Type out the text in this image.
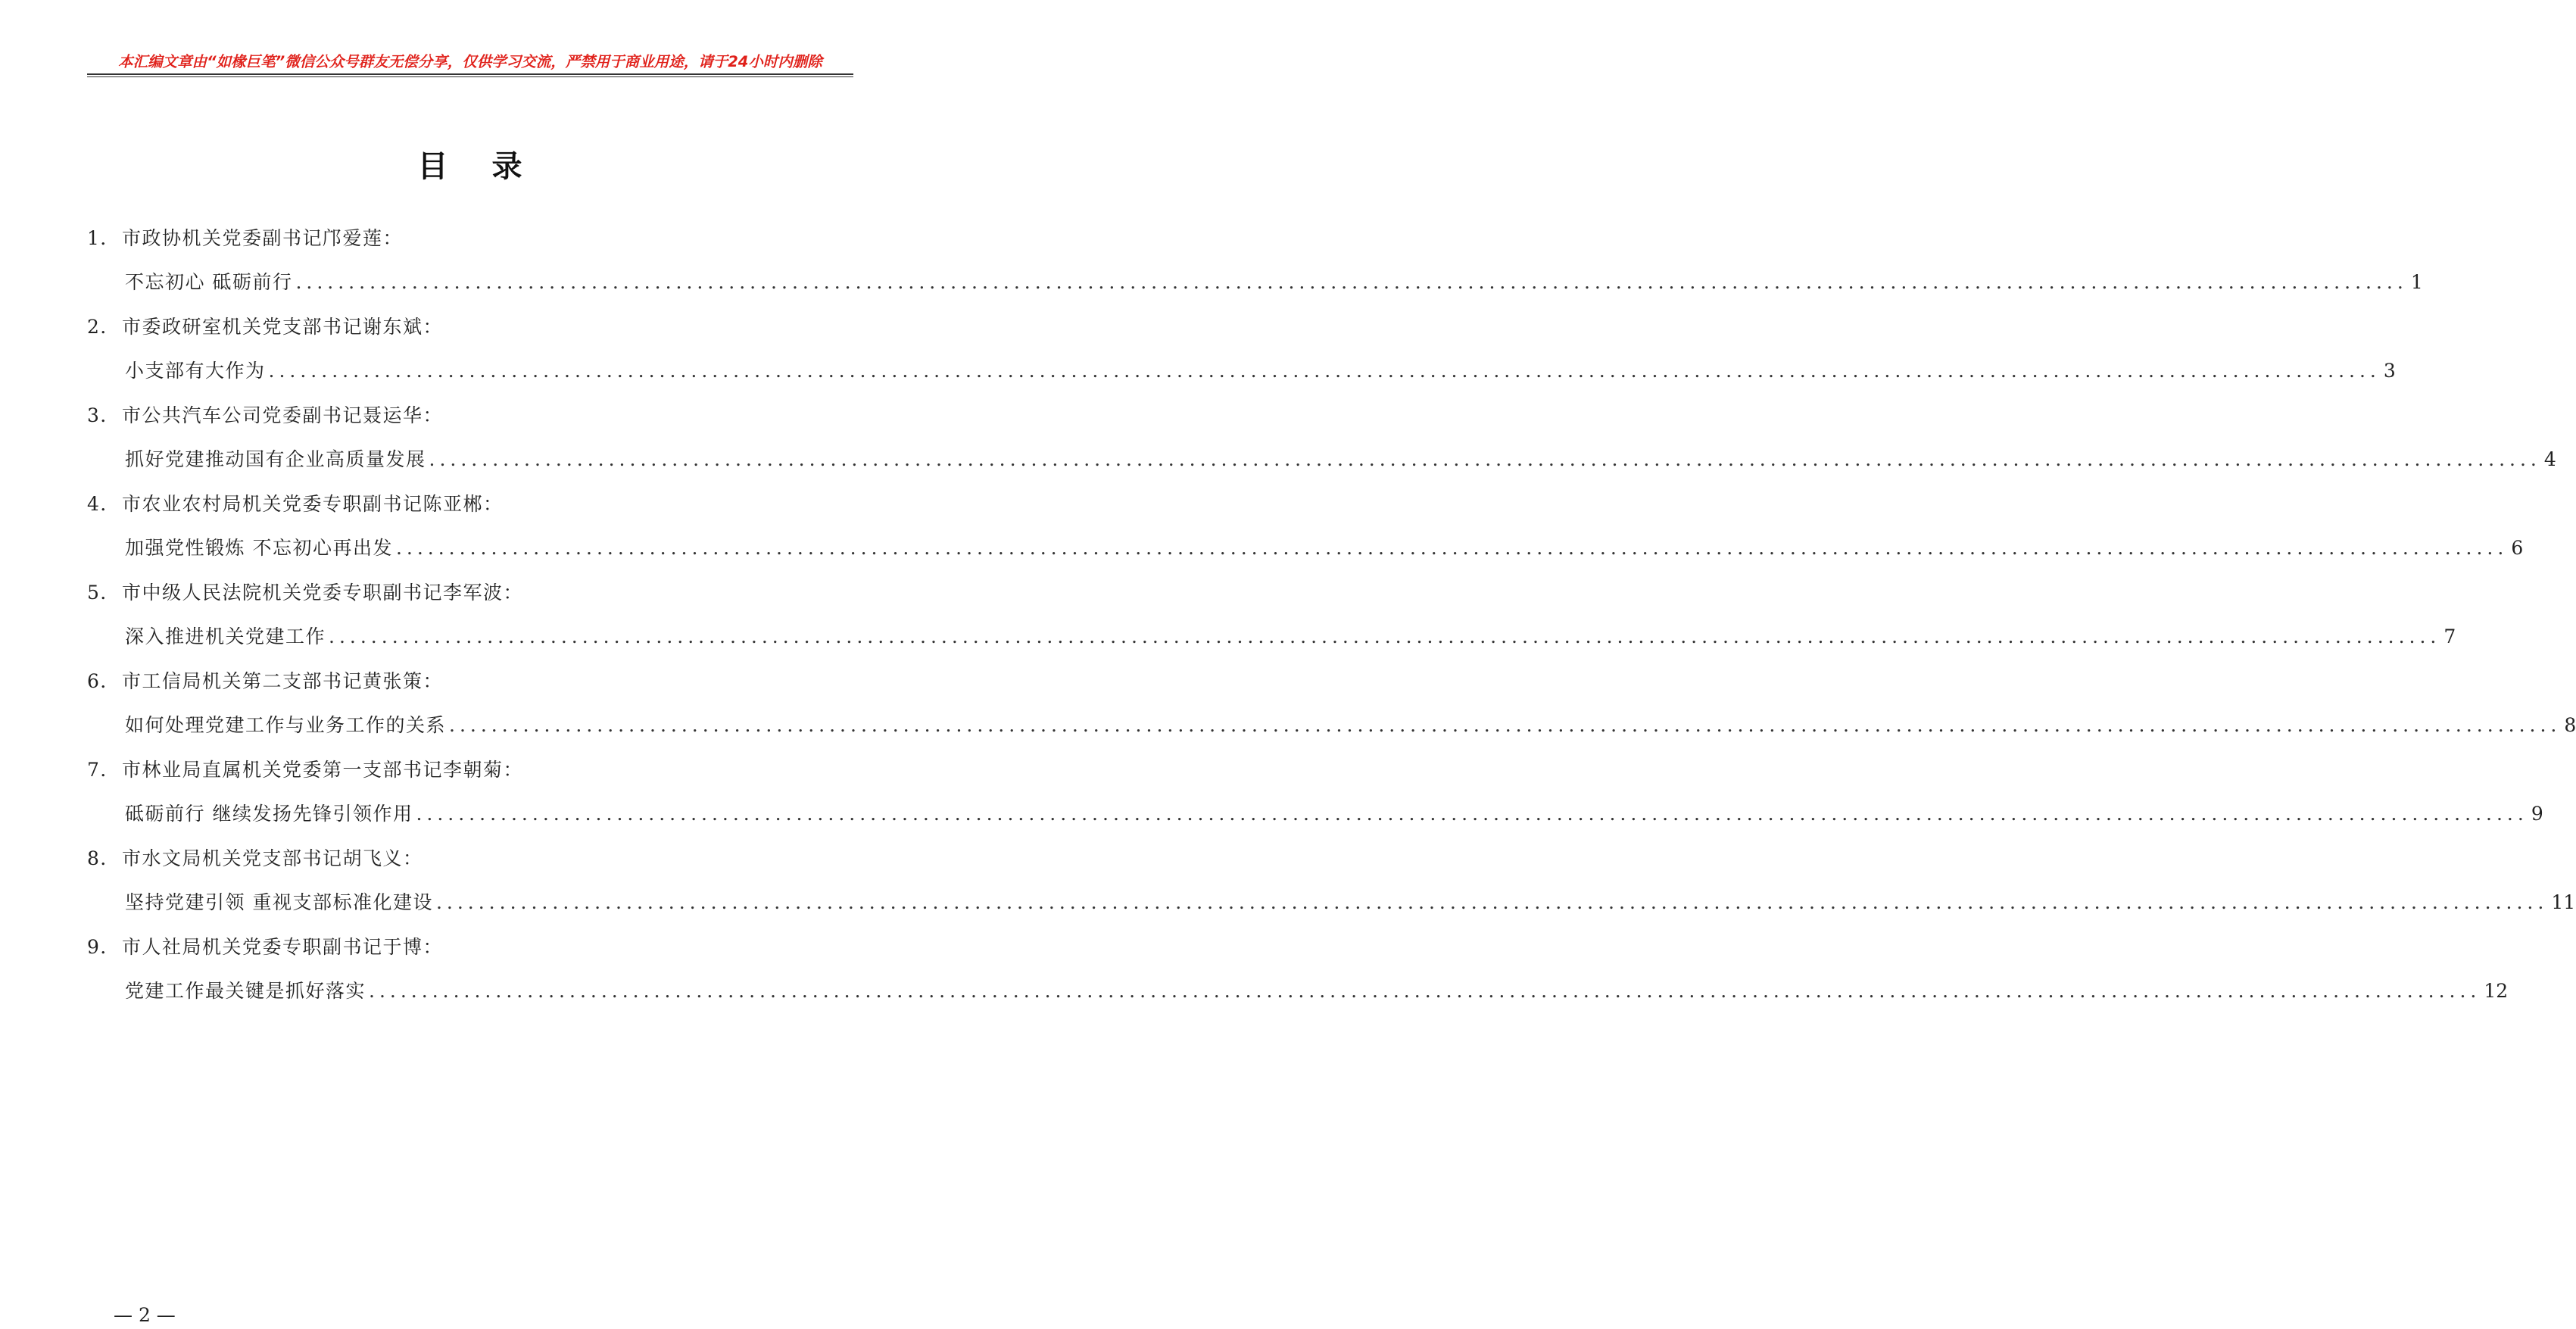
本汇编文章由“如椽巨笔”微信公众号群友无偿分享，仅供学习交流，严禁用于商业用途，请于24小时内删除
目 录
1．市政协机关党委副书记邝爱莲：
不忘初心 砥砺前行 ........................................................................................................................................................................................................ 1
2．市委政研室机关党支部书记谢东斌：
小支部有大作为 ........................................................................................................................................................................................................ 3
3．市公共汽车公司党委副书记聂运华：
抓好党建推动国有企业高质量发展 ........................................................................................................................................................................................................ 4
4．市农业农村局机关党委专职副书记陈亚郴：
加强党性锻炼 不忘初心再出发 ........................................................................................................................................................................................................ 6
5．市中级人民法院机关党委专职副书记李军波：
深入推进机关党建工作 ........................................................................................................................................................................................................ 7
6．市工信局机关第二支部书记黄张策：
如何处理党建工作与业务工作的关系 ........................................................................................................................................................................................................ 8
7．市林业局直属机关党委第一支部书记李朝菊：
砥砺前行 继续发扬先锋引领作用 ........................................................................................................................................................................................................ 9
8．市水文局机关党支部书记胡飞义：
坚持党建引领 重视支部标准化建设 ........................................................................................................................................................................................................ 11
9．市人社局机关党委专职副书记于博：
党建工作最关键是抓好落实 ........................................................................................................................................................................................................ 12
— 2 —
